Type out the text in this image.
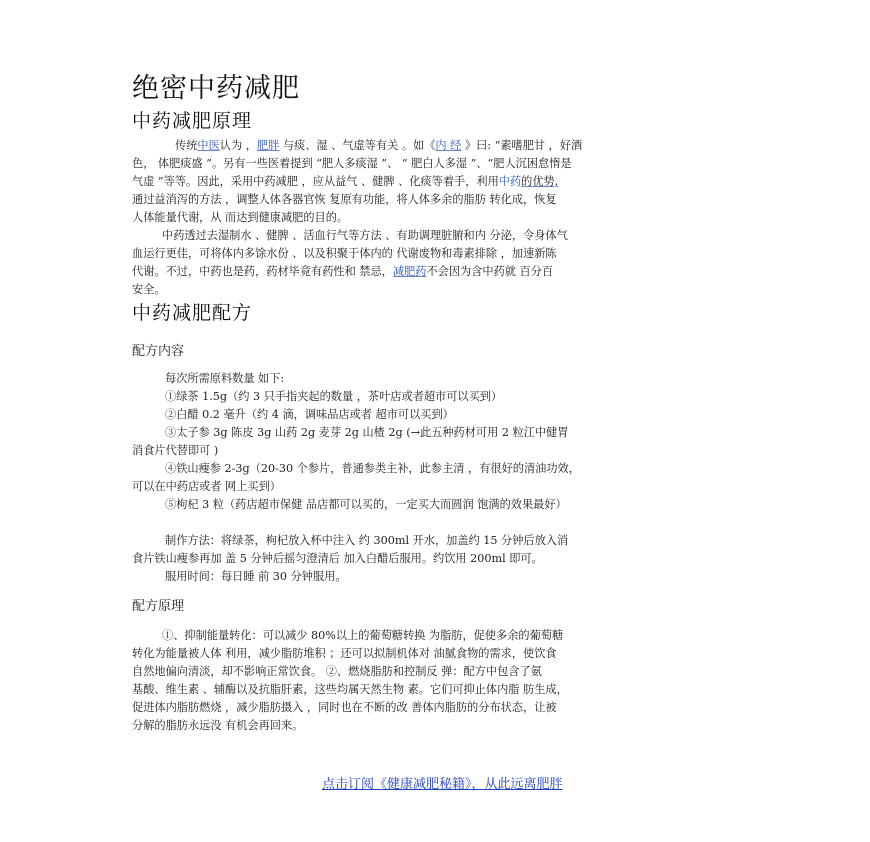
绝密中药减肥
中药减肥原理
传统中医认为 ，肥胖 与痰、湿 、气虚等有关 。如《内 经 》曰: “素嗜肥甘 ，好酒
色， 体肥痰盛 ”。另有一些医着提到 “肥人多痰湿 ”、 “ 肥白人多湿 ”、“肥人沉困怠惰是
气虚 ”等等。因此，采用中药减肥 ，应从益气 、健脾 、化痰等着手，利用中药的优势,
通过益消泻的方法 ，调整人体各器官恢 复原有功能，将人体多余的脂肪 转化成，恢复
人体能量代谢，从 而达到健康减肥的目的。
中药透过去湿制水 、健脾 、活血行气等方法 、有助调理脏腑和内 分泌，令身体气
血运行更佳，可将体内多馀水份 、以及积聚于体内的 代谢废物和毒素排除 ，加速新陈
代谢。不过，中药也是药，药材毕竟有药性和 禁忌，减肥药不会因为含中药就 百分百
安全。
中药减肥配方
配方内容
每次所需原料数量 如下:
①绿茶 1.5g（约 3 只手指夹起的数量 ，茶叶店或者超市可以买到）
②白醋 0.2 毫升（约 4 滴，调味品店或者 超市可以买到）
③太子参 3g 陈皮 3g 山药 2g 麦芽 2g 山楂 2g (→此五种药材可用 2 粒江中健胃
消食片代替即可 )
④铁山瘦参 2-3g（20-30 个参片，普通参类主补，此参主清 ，有很好的清油功效，
可以在中药店或者 网上买到）
⑤枸杞 3 粒（药店超市保健 品店都可以买的，一定买大而圆润 饱满的效果最好）
制作方法：将绿茶，枸杞放入杯中注入 约 300ml 开水，加盖约 15 分钟后放入消
食片铁山瘦参再加 盖 5 分钟后摇匀澄清后 加入白醋后服用。约饮用 200ml 即可。
服用时间：每日睡 前 30 分钟服用。
配方原理
①、抑制能量转化：可以减少 80%以上的葡萄糖转换 为脂肪，促使多余的葡萄糖
转化为能量被人体 利用，减少脂肪堆积 ；还可以拟制机体对 油腻食物的需求，使饮食
自然地偏向清淡，却不影响正常饮食。 ②、燃烧脂肪和控制反 弹：配方中包含了氨
基酸、维生素 、辅酶以及抗脂肝素，这些均属天然生物 素。它们可抑止体内脂 肪生成，
促进体内脂肪燃烧 ，减少脂肪摄入 ，同时也在不断的改 善体内脂肪的分布状态，让被
分解的脂肪永远没 有机会再回来。
点击订阅《健康减肥秘籍》，从此远离肥胖
